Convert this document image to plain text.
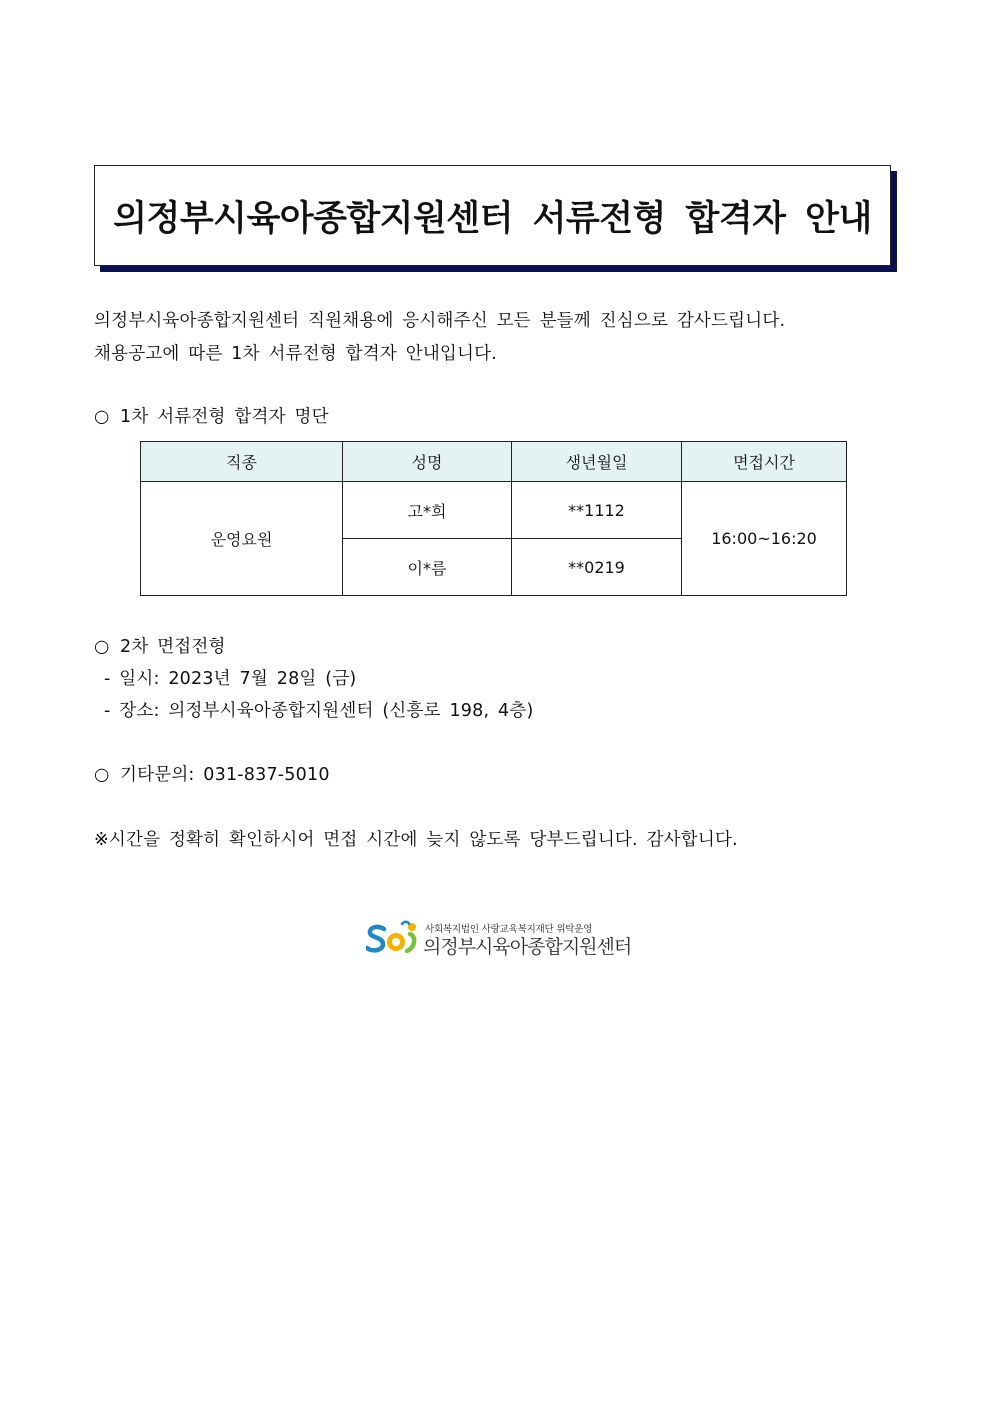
의정부시육아종합지원센터 서류전형 합격자 안내
의정부시육아종합지원센터 직원채용에 응시해주신 모든 분들께 진심으로 감사드립니다.
채용공고에 따른 1차 서류전형 합격자 안내입니다.
○ 1차 서류전형 합격자 명단
직종	성명	생년월일	면접시간
운영요원	고*희	**1112	16:00~16:20
	이*름	**0219	
○ 2차 면접전형
- 일시: 2023년 7월 28일 (금)
- 장소: 의정부시육아종합지원센터 (신흥로 198, 4층)
○ 기타문의: 031-837-5010
※시간을 정확히 확인하시어 면접 시간에 늦지 않도록 당부드립니다. 감사합니다.
사회복지법인 사랑교육복지재단 위탁운영
의정부시육아종합지원센터
